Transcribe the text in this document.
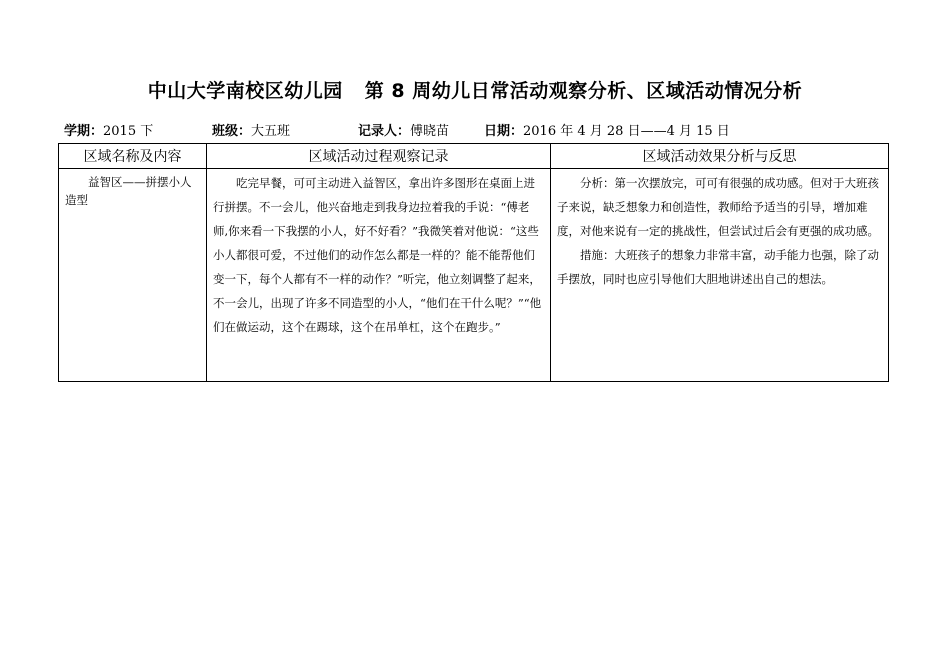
中山大学南校区幼儿园 第 8 周幼儿日常活动观察分析、区域活动情况分析
学期：2015 下	班级：大五班	记录人：傅晓苗	日期：2016 年 4 月 28 日——4 月 15 日
区域名称及内容	区域活动过程观察记录	区域活动效果分析与反思

益智区——拼摆小人造型	吃完早餐，可可主动进入益智区，拿出许多图形在桌面上进行拼摆。不一会儿，他兴奋地走到我身边拉着我的手说：“傅老师,你来看一下我摆的小人，好不好看？”我微笑着对他说：“这些小人都很可爱，不过他们的动作怎么都是一样的？能不能帮他们变一下，每个人都有不一样的动作？”听完，他立刻调整了起来，不一会儿，出现了许多不同造型的小人，“他们在干什么呢？”“他们在做运动，这个在踢球，这个在吊单杠，这个在跑步。”	分析：第一次摆放完，可可有很强的成功感。但对于大班孩子来说，缺乏想象力和创造性，教师给予适当的引导，增加难度，对他来说有一定的挑战性，但尝试过后会有更强的成功感。

措施：大班孩子的想象力非常丰富，动手能力也强，除了动手摆放，同时也应引导他们大胆地讲述出自己的想法。
